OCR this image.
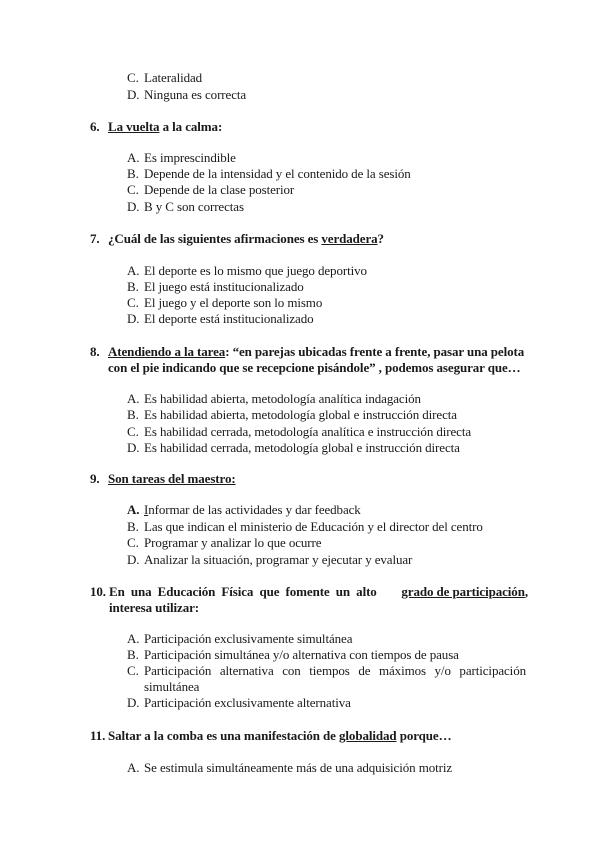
C. Lateralidad
D. Ninguna es correcta
6. La vuelta a la calma:
A. Es imprescindible
B. Depende de la intensidad y el contenido de la sesión
C. Depende de la clase posterior
D. B y C son correctas
7. ¿Cuál de las siguientes afirmaciones es verdadera?
A. El deporte es lo mismo que juego deportivo
B. El juego está institucionalizado
C. El juego y el deporte son lo mismo
D. El deporte está institucionalizado
8. Atendiendo a la tarea: “en parejas ubicadas frente a frente, pasar una pelota
con el pie indicando que se recepcione pisándole” , podemos asegurar que…
A. Es habilidad abierta, metodología analítica indagación
B. Es habilidad abierta, metodología global e instrucción directa
C. Es habilidad cerrada, metodología analítica e instrucción directa
D. Es habilidad cerrada, metodología global e instrucción directa
9. Son tareas del maestro:
A. Informar de las actividades y dar feedback
B. Las que indican el ministerio de Educación y el director del centro
C. Programar y analizar lo que ocurre
D. Analizar la situación, programar y ejecutar y evaluar
10. En una Educación Física que fomente un alto grado de participación ,
interesa utilizar:
A. Participación exclusivamente simultánea
B. Participación simultánea y/o alternativa con tiempos de pausa
C. Participación alternativa con tiempos de máximos y/o participación
simultánea
D. Participación exclusivamente alternativa
11. Saltar a la comba es una manifestación de globalidad porque…
A. Se estimula simultáneamente más de una adquisición motriz
